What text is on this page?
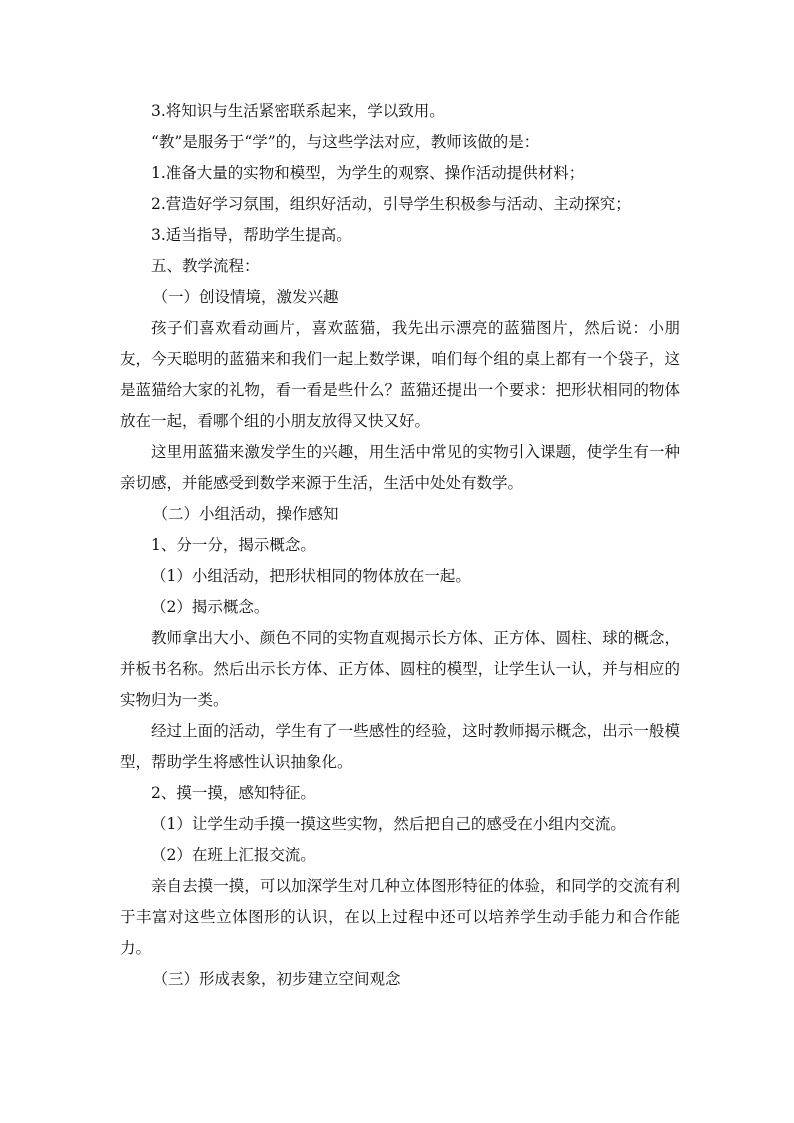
3.将知识与生活紧密联系起来，学以致用。

“教”是服务于“学”的，与这些学法对应，教师该做的是：

1.准备大量的实物和模型，为学生的观察、操作活动提供材料；

2.营造好学习氛围，组织好活动，引导学生积极参与活动、主动探究；

3.适当指导，帮助学生提高。

五、教学流程：

（一）创设情境，激发兴趣

孩子们喜欢看动画片，喜欢蓝猫，我先出示漂亮的蓝猫图片，然后说：小朋友，今天聪明的蓝猫来和我们一起上数学课，咱们每个组的桌上都有一个袋子，这是蓝猫给大家的礼物，看一看是些什么？蓝猫还提出一个要求：把形状相同的物体放在一起，看哪个组的小朋友放得又快又好。

这里用蓝猫来激发学生的兴趣，用生活中常见的实物引入课题，使学生有一种亲切感，并能感受到数学来源于生活，生活中处处有数学。

（二）小组活动，操作感知

1、分一分，揭示概念。

（1）小组活动，把形状相同的物体放在一起。

（2）揭示概念。

教师拿出大小、颜色不同的实物直观揭示长方体、正方体、圆柱、球的概念，并板书名称。然后出示长方体、正方体、圆柱的模型，让学生认一认，并与相应的实物归为一类。

经过上面的活动，学生有了一些感性的经验，这时教师揭示概念，出示一般模型，帮助学生将感性认识抽象化。

2、摸一摸，感知特征。

（1）让学生动手摸一摸这些实物，然后把自己的感受在小组内交流。

（2）在班上汇报交流。

亲自去摸一摸，可以加深学生对几种立体图形特征的体验，和同学的交流有利于丰富对这些立体图形的认识，在以上过程中还可以培养学生动手能力和合作能力。

（三）形成表象，初步建立空间观念
